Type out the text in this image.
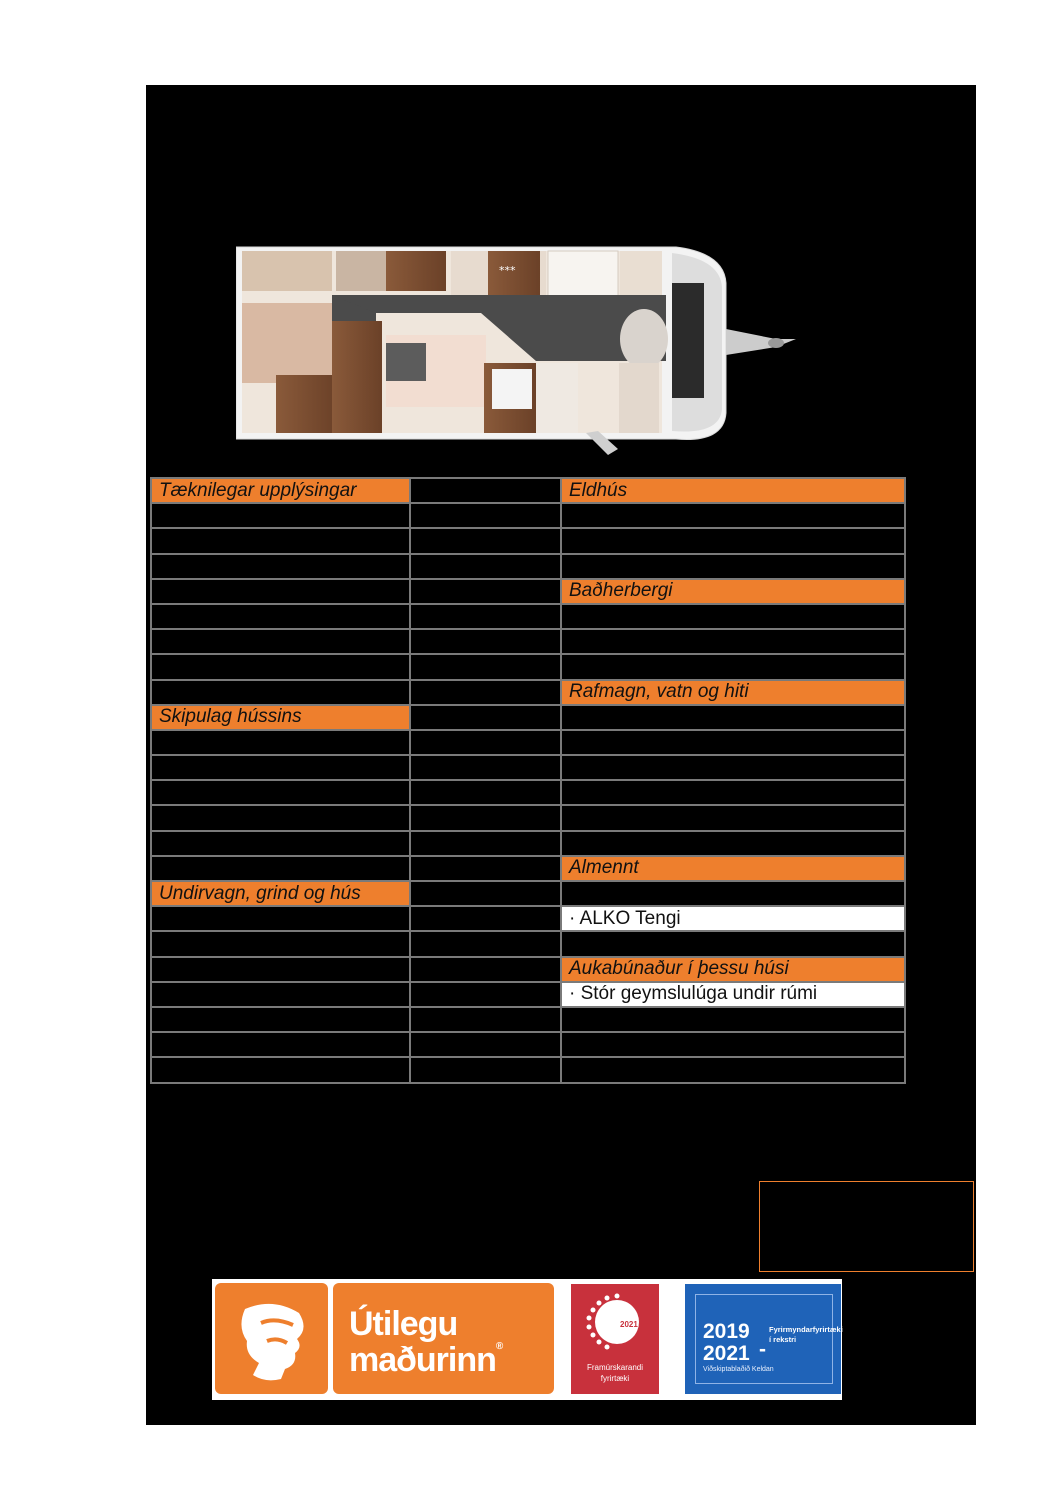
***
Tæknilegar upplýsingar		Eldhús

		Baðherbergi

		Rafmagn, vatn og hiti
Skipulag hússins		

		Almennt
Undirvagn, grind og hús		
		· ALKO Tengi

		Aukabúnaður í þessu húsi
		· Stór geymslulúga undir rúmi

Útilegu
maðurinn®
2021
Framúrskarandi
fyrirtæki
2019
2021 -
Fyrirmyndarfyrirtæki
í rekstri
Viðskiptablaðið Keldan
